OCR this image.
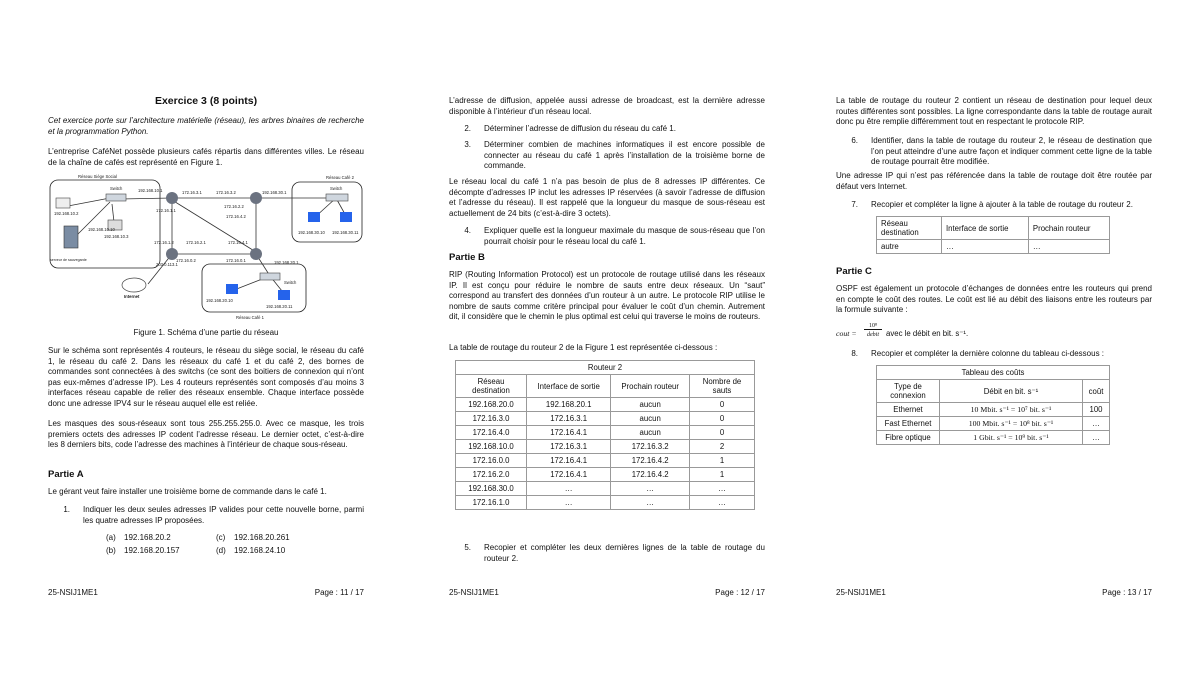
Exercice 3 (8 points)
Cet exercice porte sur l’architecture matérielle (réseau), les arbres binaires de recherche et la programmation Python.
L’entreprise CaféNet possède plusieurs cafés répartis dans différentes villes. Le réseau de la chaîne de cafés est représenté en Figure 1.
Réseau Siège Social	Réseau Café 2
Réseau Café 1
192.168.10.2
serveur de sauvegarde
192.168.10.10
192.168.10.3
Switch	192.168.10.1	172.16.3.1	172.16.3.2
172.16.1.1
172.16.2.2
172.16.4.2
192.168.30.1
172.16.1.2	172.16.2.1	172.16.4.1
172.16.0.2	172.16.0.1
203.0.113.1	192.168.20.1
Switch
192.168.30.10 192.168.30.11
Switch
192.168.20.10
192.168.20.11
Internet
Figure 1. Schéma d’une partie du réseau
Sur le schéma sont représentés 4 routeurs, le réseau du siège social, le réseau du café 1, le réseau du café 2. Dans les réseaux du café 1 et du café 2, des bornes de commandes sont connectées à des switchs (ce sont des boitiers de connexion qui n’ont pas eux-mêmes d’adresse IP). Les 4 routeurs représentés sont composés d’au moins 3 interfaces réseau capable de relier des réseaux ensemble. Chaque interface possède donc une adresse IPV4 sur le réseau auquel elle est reliée.
Les masques des sous-réseaux sont tous 255.255.255.0. Avec ce masque, les trois premiers octets des adresses IP codent l’adresse réseau. Le dernier octet, c’est-à-dire les 8 derniers bits, code l’adresse des machines à l’intérieur de chaque sous-réseau.
Partie A
Le gérant veut faire installer une troisième borne de commande dans le café 1.
1. Indiquer les deux seules adresses IP valides pour cette nouvelle borne, parmi les quatre adresses IP proposées.
(a) 192.168.20.2	(c) 192.168.20.261
(b) 192.168.20.157	(d) 192.168.24.10
25-NSIJ1ME1	Page : 11 / 17
L’adresse de diffusion, appelée aussi adresse de broadcast, est la dernière adresse disponible à l’intérieur d’un réseau local.
2. Déterminer l’adresse de diffusion du réseau du café 1.
3. Déterminer combien de machines informatiques il est encore possible de connecter au réseau du café 1 après l’installation de la troisième borne de commande.
Le réseau local du café 1 n’a pas besoin de plus de 8 adresses IP différentes. Ce décompte d’adresses IP inclut les adresses IP réservées (à savoir l’adresse de diffusion et l’adresse du réseau). Il est rappelé que la longueur du masque de sous-réseau est actuellement de 24 bits (c’est-à-dire 3 octets).
4. Expliquer quelle est la longueur maximale du masque de sous-réseau que l’on pourrait choisir pour le réseau local du café 1.
Partie B
RIP (Routing Information Protocol) est un protocole de routage utilisé dans les réseaux IP. Il est conçu pour réduire le nombre de sauts entre deux réseaux. Un “saut” correspond au transfert des données d’un routeur à un autre. Le protocole RIP utilise le nombre de sauts comme critère principal pour évaluer le coût d’un chemin. Autrement dit, il considère que le chemin le plus optimal est celui qui traverse le moins de routeurs.
La table de routage du routeur 2 de la Figure 1 est représentée ci-dessous :
Routeur 2			
Réseau destination	Interface de sortie	Prochain routeur	Nombre de sauts
192.168.20.0	192.168.20.1	aucun	0
172.16.3.0	172.16.3.1	aucun	0
172.16.4.0	172.16.4.1	aucun	0
192.168.10.0	172.16.3.1	172.16.3.2	2
172.16.0.0	172.16.4.1	172.16.4.2	1
172.16.2.0	172.16.4.1	172.16.4.2	1
192.168.30.0	…	…	…
172.16.1.0	…	…	…
5. Recopier et compléter les deux dernières lignes de la table de routage du routeur 2.
25-NSIJ1ME1	Page : 12 / 17
La table de routage du routeur 2 contient un réseau de destination pour lequel deux routes différentes sont possibles. La ligne correspondante dans la table de routage aurait donc pu être remplie différemment tout en respectant le protocole RIP.
6. Identifier, dans la table de routage du routeur 2, le réseau de destination que l’on peut atteindre d’une autre façon et indiquer comment cette ligne de la table de routage pourrait être modifiée.
Une adresse IP qui n’est pas référencée dans la table de routage doit être routée par défaut vers Internet.
7. Recopier et compléter la ligne à ajouter à la table de routage du routeur 2.
Réseau destination	Interface de sortie	Prochain routeur
autre	…	…
Partie C
OSPF est également un protocole d’échanges de données entre les routeurs qui prend en compte le coût des routes. Le coût est lié au débit des liaisons entre les routeurs par la formule suivante :
cout =
10⁸
debit avec le débit en bit. s⁻¹.
8. Recopier et compléter la dernière colonne du tableau ci-dessous :
Tableau des coûts		
Type de connexion	Débit en bit. s⁻¹	coût
Ethernet	10 Mbit. s⁻¹ = 10⁷ bit. s⁻¹	100
Fast Ethernet	100 Mbit. s⁻¹ = 10⁸ bit. s⁻¹	…
Fibre optique	1 Gbit. s⁻¹ = 10⁹ bit. s⁻¹	…
25-NSIJ1ME1	Page : 13 / 17
